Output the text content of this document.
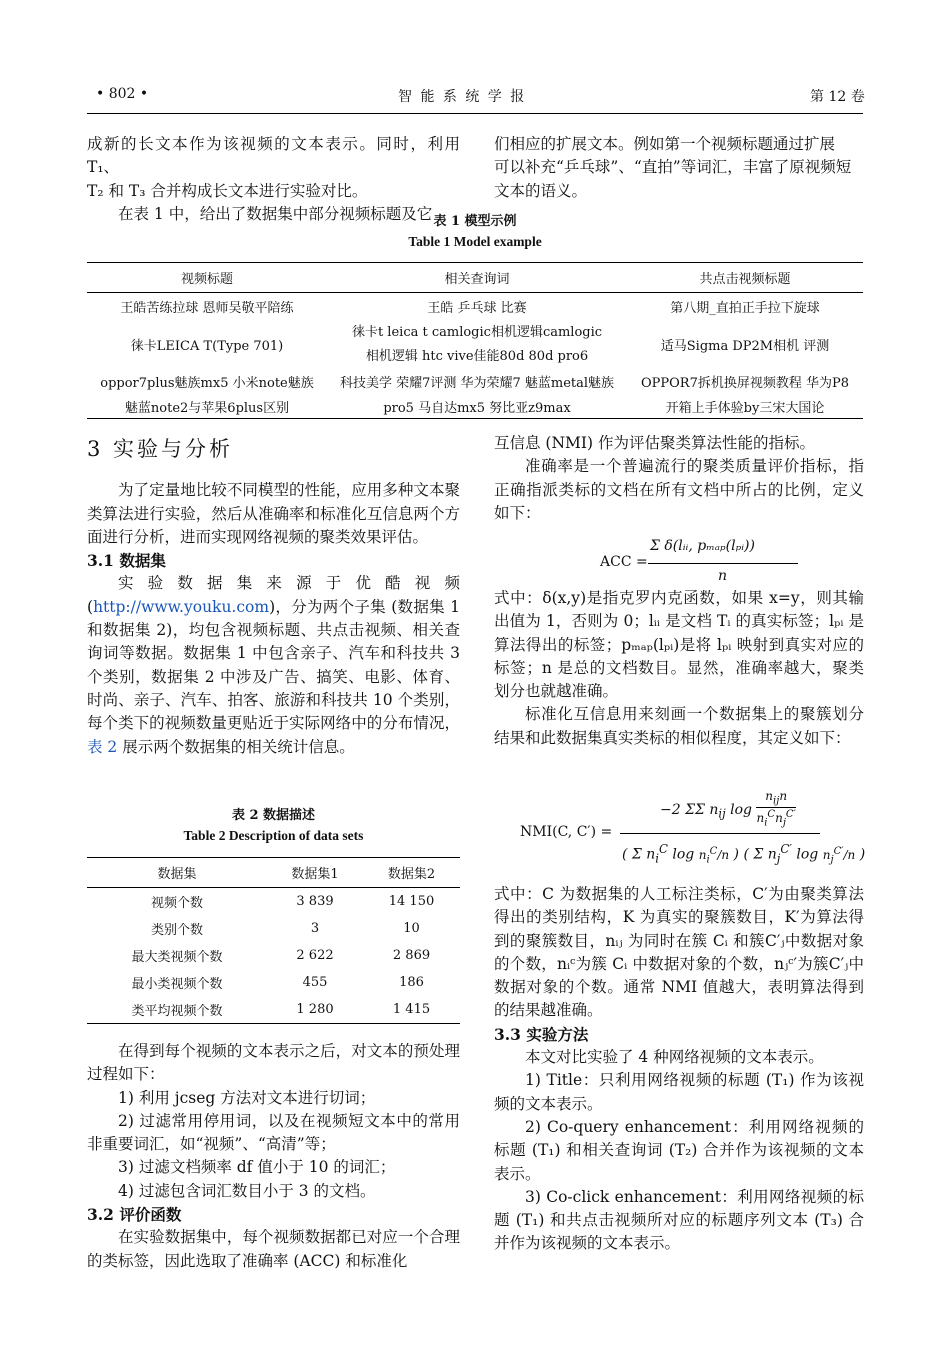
• 802 •	智 能 系 统 学 报	第 12 卷

成新的长文本作为该视频的文本表示。同时，利用 T₁、

T₂ 和 T₃ 合并构成长文本进行实验对比。

在表 1 中，给出了数据集中部分视频标题及它

们相应的扩展文本。例如第一个视频标题通过扩展

可以补充“乒乓球”、“直拍”等词汇，丰富了原视频短

文本的语义。

表 1 模型示例
Table 1 Model example
视频标题	相关查询词	共点击视频标题
王皓苦练拉球 恩师吴敬平陪练	王皓 乒乓球 比赛	第八期_直拍正手拉下旋球
徕卡LEICA T(Type 701)	徕卡t leica t camlogic相机逻辑camlogic相机逻辑 htc vive佳能80d 80d pro6	适马Sigma DP2M相机 评测
oppor7plus魅族mx5 小米note魅族	科技美学 荣耀7评测 华为荣耀7 魅蓝metal魅族	OPPOR7拆机换屏视频教程 华为P8
魅蓝note2与苹果6plus区别	pro5 马自达mx5 努比亚z9max	开箱上手体验by三宋大国论

3 实验与分析

为了定量地比较不同模型的性能，应用多种文本聚类算法进行实验，然后从准确率和标准化互信息两个方面进行分析，进而实现网络视频的聚类效果评估。

3.1 数据集

实验数据集来源于优酷视频 (http://www.youku.com)，分为两个子集 (数据集 1 和数据集 2)，均包含视频标题、共点击视频、相关查询词等数据。数据集 1 中包含亲子、汽车和科技共 3 个类别，数据集 2 中涉及广告、搞笑、电影、体育、时尚、亲子、汽车、拍客、旅游和科技共 10 个类别，每个类下的视频数量更贴近于实际网络中的分布情况，表 2 展示两个数据集的相关统计信息。

表 2 数据描述
Table 2 Description of data sets
数据集	数据集1	数据集2
视频个数	3 839	14 150
类别个数	3	10
最大类视频个数	2 622	2 869
最小类视频个数	455	186
类平均视频个数	1 280	1 415

在得到每个视频的文本表示之后，对文本的预处理过程如下：

1) 利用 jcseg 方法对文本进行切词；

2) 过滤常用停用词，以及在视频短文本中的常用非重要词汇，如“视频”、“高清”等；

3) 过滤文档频率 df 值小于 10 的词汇；

4) 过滤包含词汇数目小于 3 的文档。

3.2 评价函数

在实验数据集中，每个视频数据都已对应一个合理的类标签，因此选取了准确率 (ACC) 和标准化

互信息 (NMI) 作为评估聚类算法性能的指标。

准确率是一个普遍流行的聚类质量评价指标，指正确指派类标的文档在所有文档中所占的比例，定义如下：

ACC =
Σ δ(lᵢᵢ, pₘₐₚ(lₚᵢ))
n

式中：δ(x,y)是指克罗内克函数，如果 x=y，则其输出值为 1，否则为 0；lᵢᵢ 是文档 Tᵢ 的真实标签；lₚᵢ 是算法得出的标签；pₘₐₚ(lₚᵢ)是将 lₚᵢ 映射到真实对应的标签；n 是总的文档数目。显然，准确率越大，聚类划分也就越准确。

标准化互信息用来刻画一个数据集上的聚簇划分结果和此数据集真实类标的相似程度，其定义如下：

NMI(C, C′) =
−2 ΣΣ $n_{ij}$ $\log n_{ij}n$
$n_i^Cn_j^{C'}$
( Σ $n_i^C$ $\log n_i^C/n$ ) ( Σ $n_j^{C'}$ $\log n_j^{C'}/n$ )

式中：C 为数据集的人工标注类标，C′为由聚类算法得出的类别结构，K 为真实的聚簇数目，K′为算法得到的聚簇数目，nᵢⱼ 为同时在簇 Cᵢ 和簇C′ⱼ中数据对象的个数，nᵢᶜ为簇 Cᵢ 中数据对象的个数，nⱼᶜ′为簇C′ⱼ中数据对象的个数。通常 NMI 值越大，表明算法得到的结果越准确。

3.3 实验方法

本文对比实验了 4 种网络视频的文本表示。

1) Title：只利用网络视频的标题 (T₁) 作为该视频的文本表示。

2) Co-query enhancement：利用网络视频的标题 (T₁) 和相关查询词 (T₂) 合并作为该视频的文本表示。

3) Co-click enhancement：利用网络视频的标题 (T₁) 和共点击视频所对应的标题序列文本 (T₃) 合并作为该视频的文本表示。
